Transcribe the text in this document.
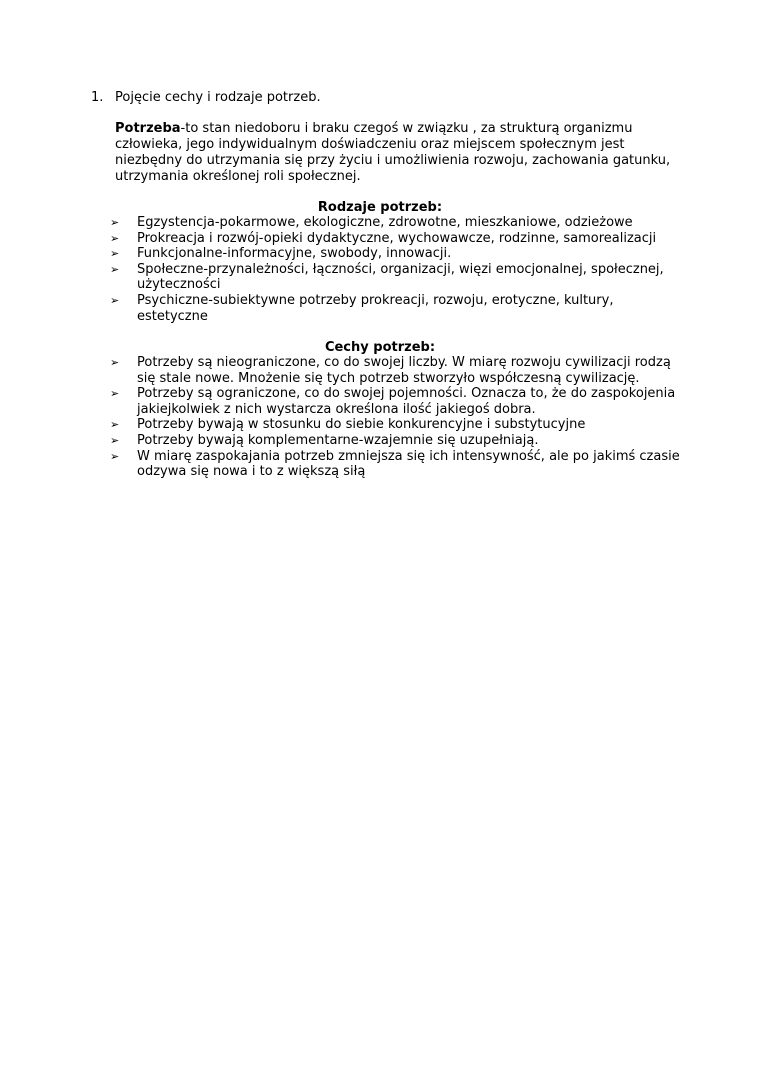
1. Pojęcie cechy i rodzaje potrzeb.
Potrzeba-to stan niedoboru i braku czegoś w związku , za strukturą organizmu człowieka, jego indywidualnym doświadczeniu oraz miejscem społecznym jest niezbędny do utrzymania się przy życiu i umożliwienia rozwoju, zachowania gatunku, utrzymania określonej roli społecznej.
Rodzaje potrzeb:
➢ Egzystencja-pokarmowe, ekologiczne, zdrowotne, mieszkaniowe, odzieżowe
➢ Prokreacja i rozwój-opieki dydaktyczne, wychowawcze, rodzinne, samorealizacji
➢ Funkcjonalne-informacyjne, swobody, innowacji.
➢ Społeczne-przynależności, łączności, organizacji, więzi emocjonalnej, społecznej, użyteczności
➢ Psychiczne-subiektywne potrzeby prokreacji, rozwoju, erotyczne, kultury, estetyczne
Cechy potrzeb:
➢ Potrzeby są nieograniczone, co do swojej liczby. W miarę rozwoju cywilizacji rodzą się stale nowe. Mnożenie się tych potrzeb stworzyło współczesną cywilizację.
➢ Potrzeby są ograniczone, co do swojej pojemności. Oznacza to, że do zaspokojenia jakiejkolwiek z nich wystarcza określona ilość jakiegoś dobra.
➢ Potrzeby bywają w stosunku do siebie konkurencyjne i substytucyjne
➢ Potrzeby bywają komplementarne-wzajemnie się uzupełniają.
➢ W miarę zaspokajania potrzeb zmniejsza się ich intensywność, ale po jakimś czasie odzywa się nowa i to z większą siłą
